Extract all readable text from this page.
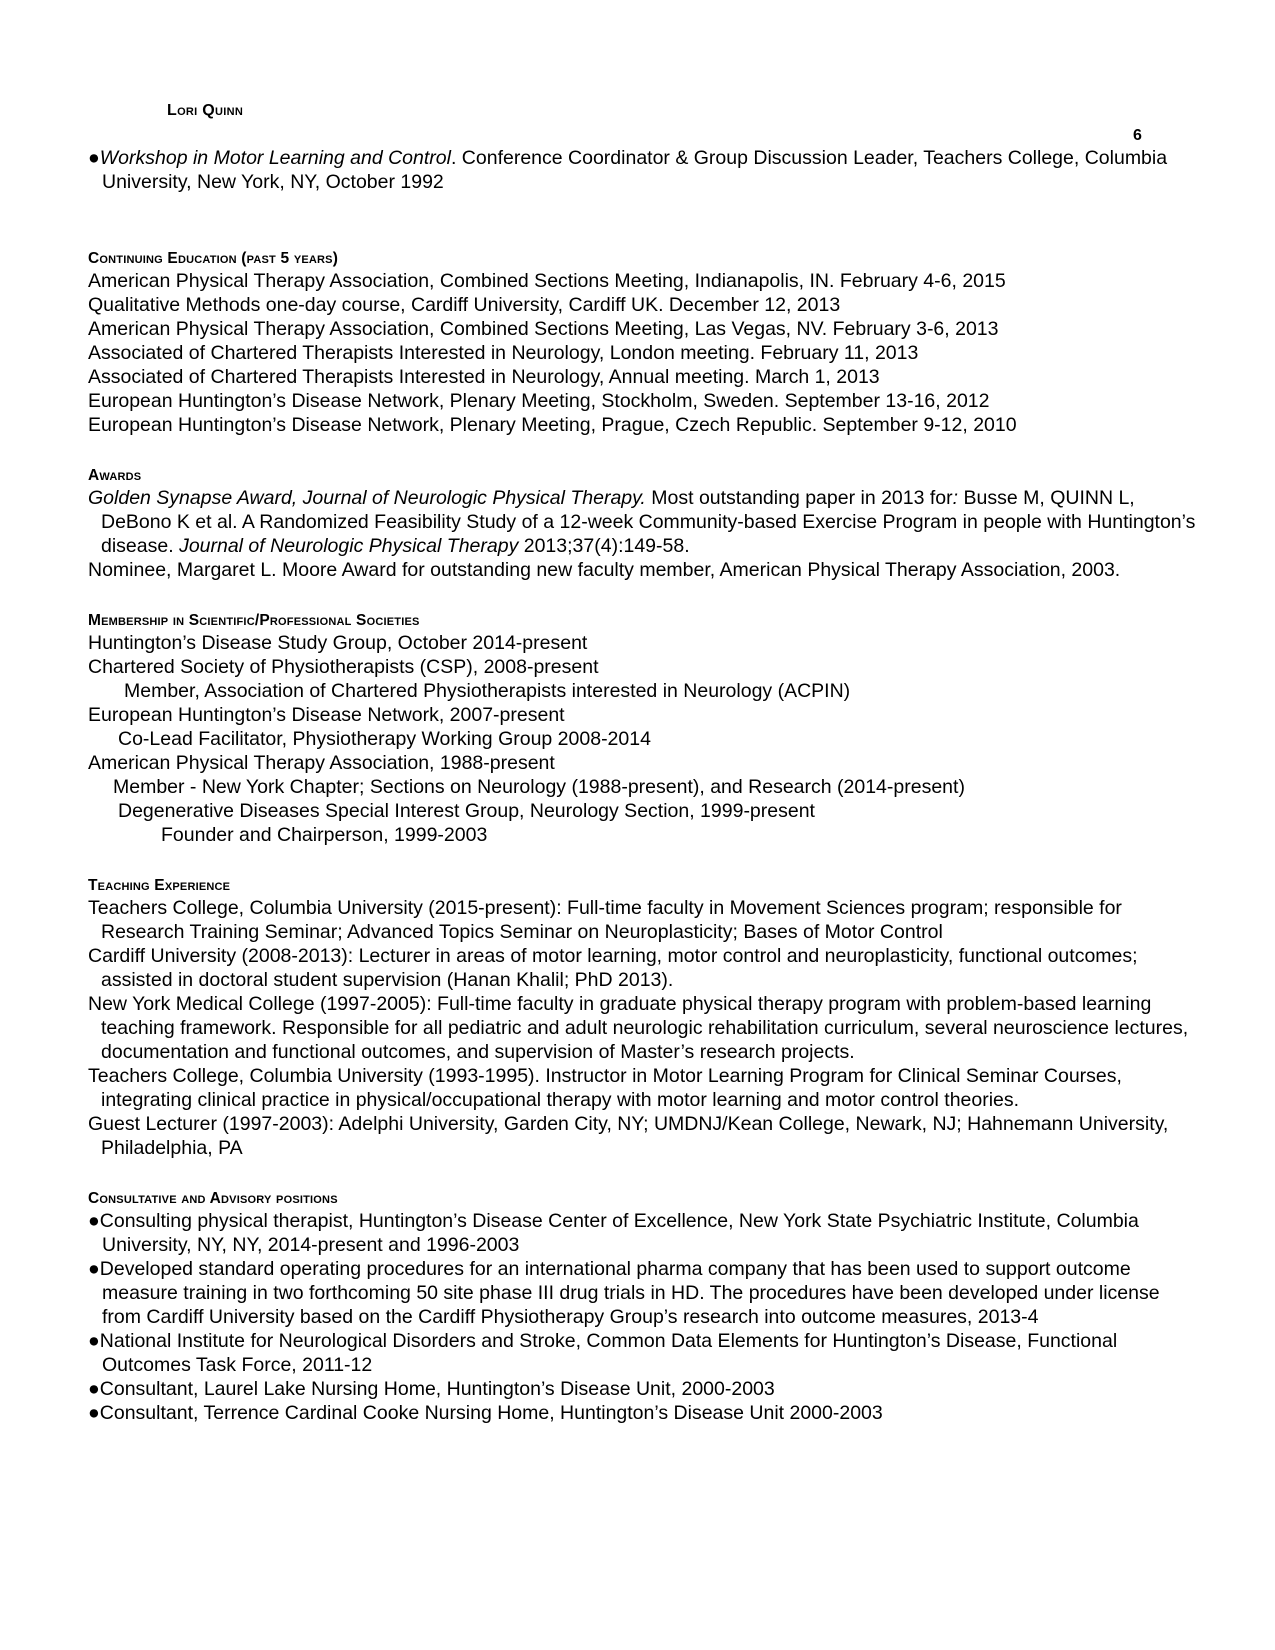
Lori Quinn
6

●Workshop in Motor Learning and Control. Conference Coordinator & Group Discussion Leader, Teachers College, Columbia University, New York, NY, October 1992

Continuing Education (past 5 years)

American Physical Therapy Association, Combined Sections Meeting, Indianapolis, IN. February 4-6, 2015

Qualitative Methods one-day course, Cardiff University, Cardiff UK. December 12, 2013

American Physical Therapy Association, Combined Sections Meeting, Las Vegas, NV. February 3-6, 2013

Associated of Chartered Therapists Interested in Neurology, London meeting. February 11, 2013

Associated of Chartered Therapists Interested in Neurology, Annual meeting. March 1, 2013

European Huntington’s Disease Network, Plenary Meeting, Stockholm, Sweden. September 13-16, 2012

European Huntington’s Disease Network, Plenary Meeting, Prague, Czech Republic. September 9-12, 2010

Awards

Golden Synapse Award, Journal of Neurologic Physical Therapy. Most outstanding paper in 2013 for: Busse M, QUINN L, DeBono K et al. A Randomized Feasibility Study of a 12-week Community-based Exercise Program in people with Huntington’s disease. Journal of Neurologic Physical Therapy 2013;37(4):149-58.

Nominee, Margaret L. Moore Award for outstanding new faculty member, American Physical Therapy Association, 2003.

Membership in Scientific/Professional Societies

Huntington’s Disease Study Group, October 2014-present

Chartered Society of Physiotherapists (CSP), 2008-present

Member, Association of Chartered Physiotherapists interested in Neurology (ACPIN)

European Huntington’s Disease Network, 2007-present

Co-Lead Facilitator, Physiotherapy Working Group 2008-2014

American Physical Therapy Association, 1988-present

Member - New York Chapter; Sections on Neurology (1988-present), and Research (2014-present)

Degenerative Diseases Special Interest Group, Neurology Section, 1999-present

Founder and Chairperson, 1999-2003

Teaching Experience

Teachers College, Columbia University (2015-present): Full-time faculty in Movement Sciences program; responsible for Research Training Seminar; Advanced Topics Seminar on Neuroplasticity; Bases of Motor Control

Cardiff University (2008-2013): Lecturer in areas of motor learning, motor control and neuroplasticity, functional outcomes; assisted in doctoral student supervision (Hanan Khalil; PhD 2013).

New York Medical College (1997-2005): Full-time faculty in graduate physical therapy program with problem-based learning teaching framework. Responsible for all pediatric and adult neurologic rehabilitation curriculum, several neuroscience lectures, documentation and functional outcomes, and supervision of Master’s research projects.

Teachers College, Columbia University (1993-1995). Instructor in Motor Learning Program for Clinical Seminar Courses, integrating clinical practice in physical/occupational therapy with motor learning and motor control theories.

Guest Lecturer (1997-2003): Adelphi University, Garden City, NY; UMDNJ/Kean College, Newark, NJ; Hahnemann University, Philadelphia, PA

Consultative and Advisory positions

●Consulting physical therapist, Huntington’s Disease Center of Excellence, New York State Psychiatric Institute, Columbia University, NY, NY, 2014-present and 1996-2003

●Developed standard operating procedures for an international pharma company that has been used to support outcome measure training in two forthcoming 50 site phase III drug trials in HD. The procedures have been developed under license from Cardiff University based on the Cardiff Physiotherapy Group’s research into outcome measures, 2013-4

●National Institute for Neurological Disorders and Stroke, Common Data Elements for Huntington’s Disease, Functional Outcomes Task Force, 2011-12

●Consultant, Laurel Lake Nursing Home, Huntington’s Disease Unit, 2000-2003

●Consultant, Terrence Cardinal Cooke Nursing Home, Huntington’s Disease Unit 2000-2003
